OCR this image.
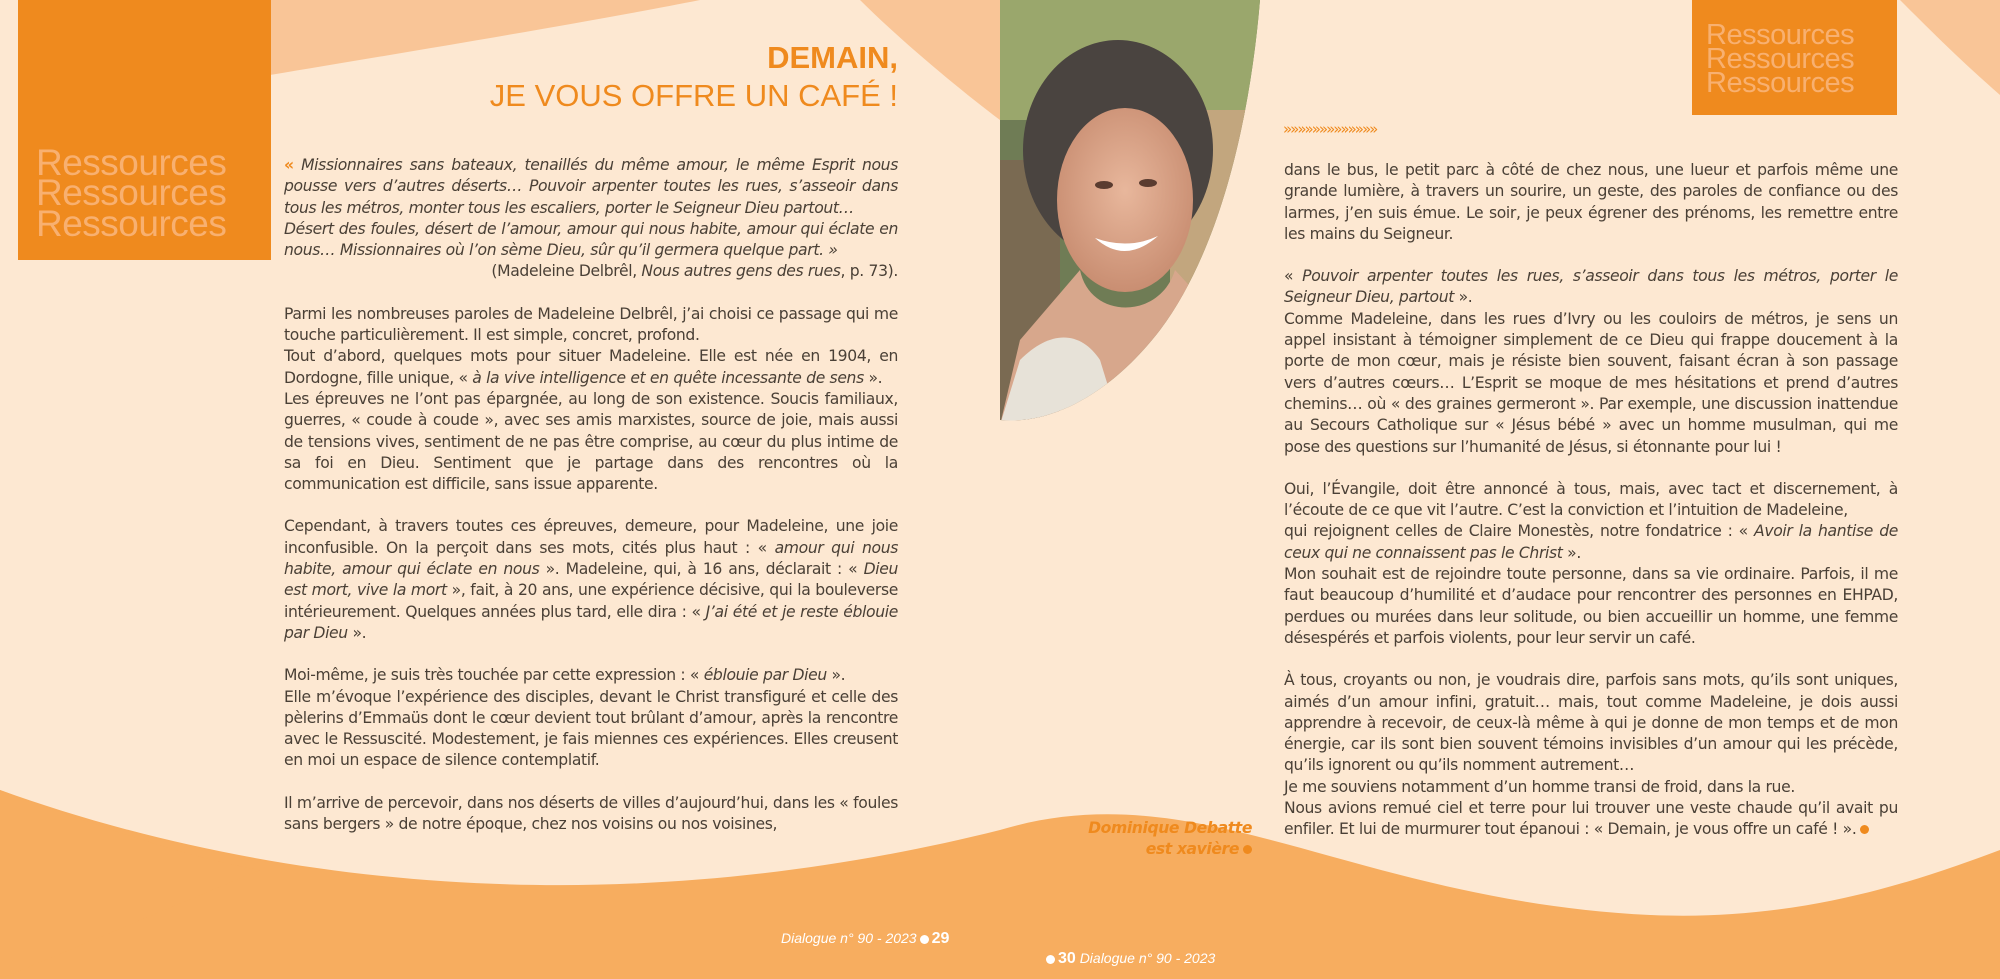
Ressources
Ressources
Ressources
DEMAIN,
JE VOUS OFFRE UN CAFÉ !

« Missionnaires sans bateaux, tenaillés du même amour, le même Esprit nous pousse vers d’autres déserts… Pouvoir arpenter toutes les rues, s’asseoir dans tous les métros, monter tous les escaliers, porter le Seigneur Dieu partout…

Désert des foules, désert de l’amour, amour qui nous habite, amour qui éclate en nous… Missionnaires où l’on sème Dieu, sûr qu’il germera quelque part. »

(Madeleine Delbrêl, Nous autres gens des rues, p. 73).

Parmi les nombreuses paroles de Madeleine Delbrêl, j’ai choisi ce passage qui me touche particulièrement. Il est simple, concret, profond.

Tout d’abord, quelques mots pour situer Madeleine. Elle est née en 1904, en Dordogne, fille unique, « à la vive intelligence et en quête incessante de sens ».

Les épreuves ne l’ont pas épargnée, au long de son existence. Soucis familiaux, guerres, « coude à coude », avec ses amis marxistes, source de joie, mais aussi de tensions vives, sentiment de ne pas être comprise, au cœur du plus intime de sa foi en Dieu. Sentiment que je partage dans des rencontres où la communication est difficile, sans issue apparente.

Cependant, à travers toutes ces épreuves, demeure, pour Madeleine, une joie inconfusible. On la perçoit dans ses mots, cités plus haut : « amour qui nous habite, amour qui éclate en nous ». Madeleine, qui, à 16 ans, déclarait : « Dieu est mort, vive la mort », fait, à 20 ans, une expérience décisive, qui la bouleverse intérieurement. Quelques années plus tard, elle dira : « J’ai été et je reste éblouie par Dieu ».

Moi-même, je suis très touchée par cette expression : « éblouie par Dieu ».

Elle m’évoque l’expérience des disciples, devant le Christ transfiguré et celle des pèlerins d’Emmaüs dont le cœur devient tout brûlant d’amour, après la rencontre avec le Ressuscité. Modestement, je fais miennes ces expériences. Elles creusent en moi un espace de silence contemplatif.

Il m’arrive de percevoir, dans nos déserts de villes d’aujourd’hui, dans les « foules sans bergers » de notre époque, chez nos voisins ou nos voisines,

Dialogue n° 90 - 2023 29
Ressources
Ressources
Ressources
»»»»»»»»»»»»»

dans le bus, le petit parc à côté de chez nous, une lueur et parfois même une grande lumière, à travers un sourire, un geste, des paroles de confiance ou des larmes, j’en suis émue. Le soir, je peux égrener des prénoms, les remettre entre les mains du Seigneur.

« Pouvoir arpenter toutes les rues, s’asseoir dans tous les métros, porter le Seigneur Dieu, partout ».

Comme Madeleine, dans les rues d’Ivry ou les couloirs de métros, je sens un appel insistant à témoigner simplement de ce Dieu qui frappe doucement à la porte de mon cœur, mais je résiste bien souvent, faisant écran à son passage vers d’autres cœurs… L’Esprit se moque de mes hésitations et prend d’autres chemins… où « des graines germeront ». Par exemple, une discussion inattendue au Secours Catholique sur « Jésus bébé » avec un homme musulman, qui me pose des questions sur l’humanité de Jésus, si étonnante pour lui !

Oui, l’Évangile, doit être annoncé à tous, mais, avec tact et discernement, à l’écoute de ce que vit l’autre. C’est la conviction et l’intuition de Madeleine,

qui rejoignent celles de Claire Monestès, notre fondatrice : « Avoir la hantise de ceux qui ne connaissent pas le Christ ».

Mon souhait est de rejoindre toute personne, dans sa vie ordinaire. Parfois, il me faut beaucoup d’humilité et d’audace pour rencontrer des personnes en EHPAD, perdues ou murées dans leur solitude, ou bien accueillir un homme, une femme désespérés et parfois violents, pour leur servir un café.

À tous, croyants ou non, je voudrais dire, parfois sans mots, qu’ils sont uniques, aimés d’un amour infini, gratuit… mais, tout comme Madeleine, je dois aussi apprendre à recevoir, de ceux-là même à qui je donne de mon temps et de mon énergie, car ils sont bien souvent témoins invisibles d’un amour qui les précède, qu’ils ignorent ou qu’ils nomment autrement…

Je me souviens notamment d’un homme transi de froid, dans la rue.

Nous avions remué ciel et terre pour lui trouver une veste chaude qu’il avait pu enfiler. Et lui de murmurer tout épanoui : « Demain, je vous offre un café ! ».

Dominique Debatte
est xavière
30 Dialogue n° 90 - 2023
